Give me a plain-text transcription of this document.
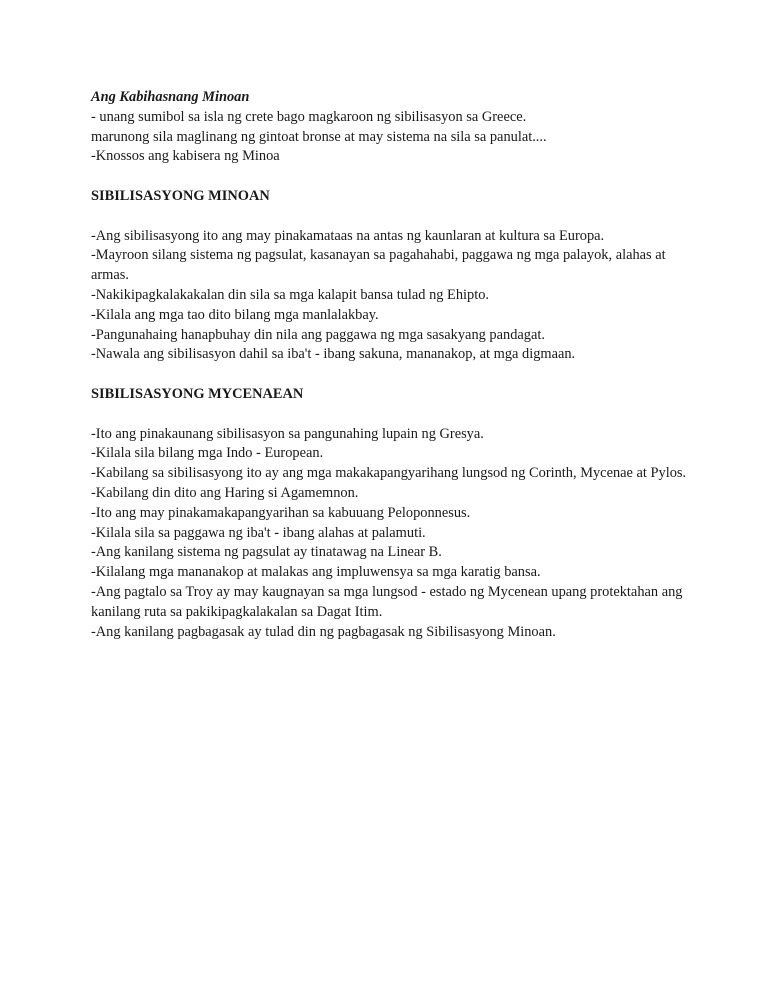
Ang Kabihasnang Minoan

- unang sumibol sa isla ng crete bago magkaroon ng sibilisasyon sa Greece.

marunong sila maglinang ng gintoat bronse at may sistema na sila sa panulat....

-Knossos ang kabisera ng Minoa

SIBILISASYONG MINOAN

-Ang sibilisasyong ito ang may pinakamataas na antas ng kaunlaran at kultura sa Europa.

-Mayroon silang sistema ng pagsulat, kasanayan sa pagahahabi, paggawa ng mga palayok, alahas at armas.

-Nakikipagkalakakalan din sila sa mga kalapit bansa tulad ng Ehipto.

-Kilala ang mga tao dito bilang mga manlalakbay.

-Pangunahaing hanapbuhay din nila ang paggawa ng mga sasakyang pandagat.

-Nawala ang sibilisasyon dahil sa iba't - ibang sakuna, mananakop, at mga digmaan.

SIBILISASYONG MYCENAEAN

-Ito ang pinakaunang sibilisasyon sa pangunahing lupain ng Gresya.

-Kilala sila bilang mga Indo - European.

-Kabilang sa sibilisasyong ito ay ang mga makakapangyarihang lungsod ng Corinth, Mycenae at Pylos.

-Kabilang din dito ang Haring si Agamemnon.

-Ito ang may pinakamakapangyarihan sa kabuuang Peloponnesus.

-Kilala sila sa paggawa ng iba't - ibang alahas at palamuti.

-Ang kanilang sistema ng pagsulat ay tinatawag na Linear B.

-Kilalang mga mananakop at malakas ang impluwensya sa mga karatig bansa.

-Ang pagtalo sa Troy ay may kaugnayan sa mga lungsod - estado ng Mycenean upang protektahan ang kanilang ruta sa pakikipagkalakalan sa Dagat Itim.

-Ang kanilang pagbagasak ay tulad din ng pagbagasak ng Sibilisasyong Minoan.
